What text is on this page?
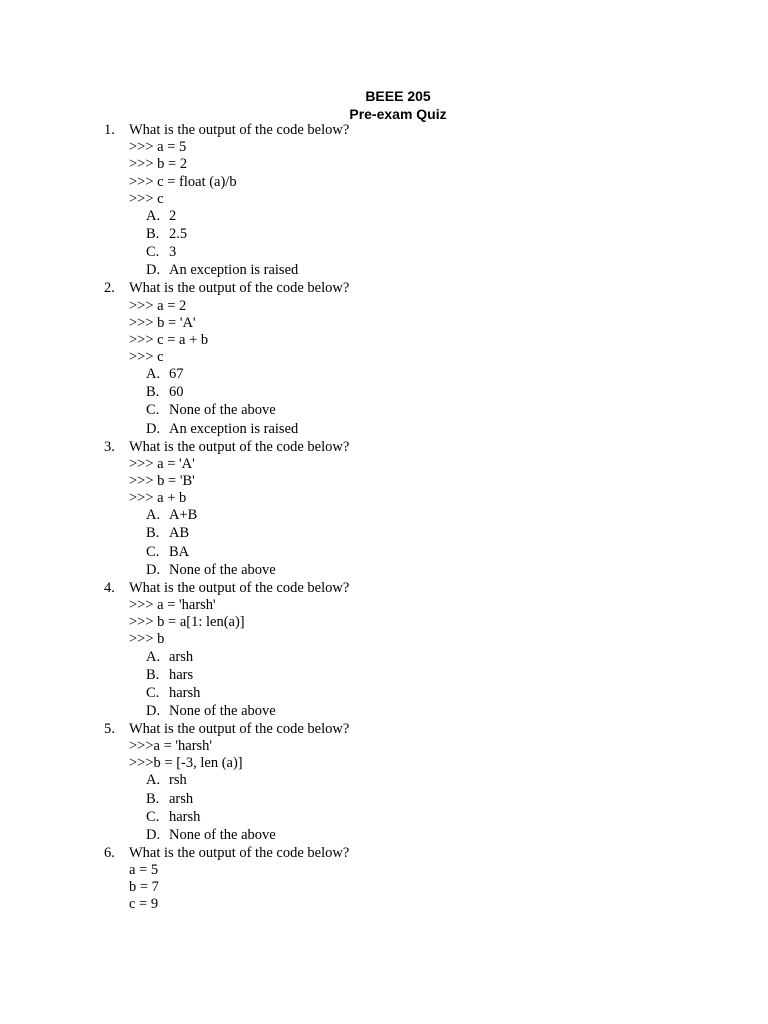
BEEE 205
Pre-exam Quiz
1. What is the output of the code below?
>>> a = 5
>>> b = 2
>>> c = float (a)/b
>>> c
A. 2
B. 2.5
C. 3
D. An exception is raised
2. What is the output of the code below?
>>> a = 2
>>> b = 'A'
>>> c = a + b
>>> c
A. 67
B. 60
C. None of the above
D. An exception is raised
3. What is the output of the code below?
>>> a = 'A'
>>> b = 'B'
>>> a + b
A. A+B
B. AB
C. BA
D. None of the above
4. What is the output of the code below?
>>> a = 'harsh'
>>> b = a[1: len(a)]
>>> b
A. arsh
B. hars
C. harsh
D. None of the above
5. What is the output of the code below?
>>>a = 'harsh'
>>>b = [-3, len (a)]
A. rsh
B. arsh
C. harsh
D. None of the above
6. What is the output of the code below?
a = 5
b = 7
c = 9
